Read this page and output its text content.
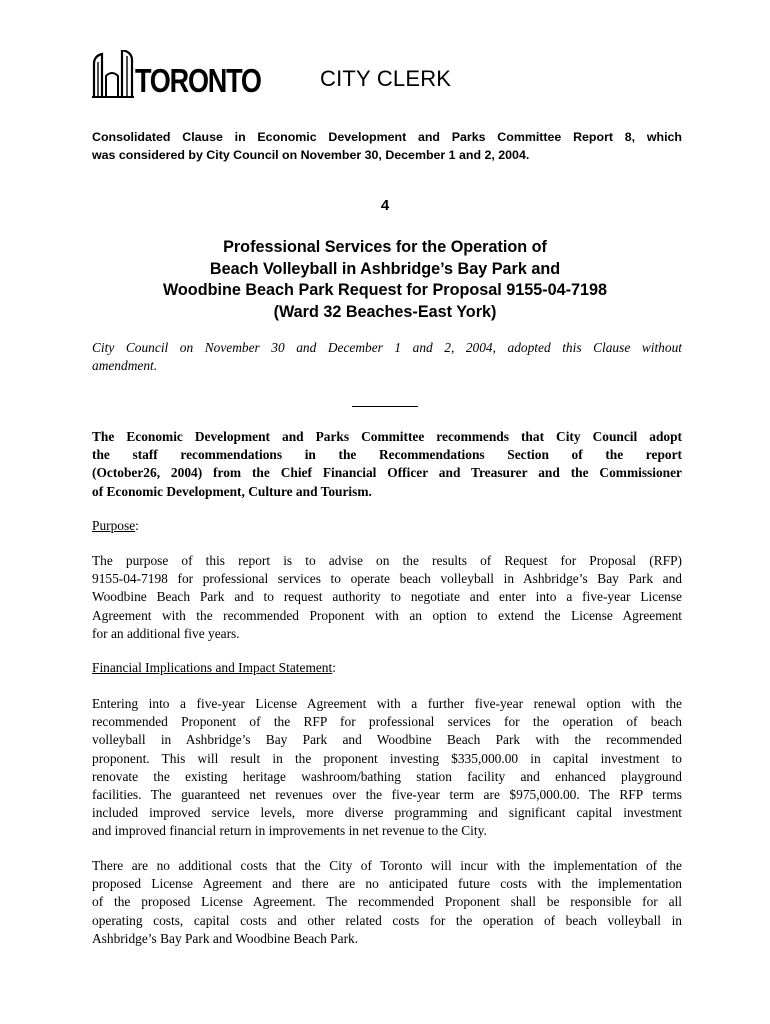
TORONTO	CITY CLERK

Consolidated Clause in Economic Development and Parks Committee Report 8, which

was considered by City Council on November 30, December 1 and 2, 2004.

4
Professional Services for the Operation of
Beach Volleyball in Ashbridge’s Bay Park and
Woodbine Beach Park Request for Proposal 9155-04-7198
(Ward 32 Beaches-East York)
City Council on November 30 and December 1 and 2, 2004, adopted this Clause without
amendment.
The Economic Development and Parks Committee recommends that City Council adopt
the staff recommendations in the Recommendations Section of the report
(October26, 2004) from the Chief Financial Officer and Treasurer and the Commissioner
of Economic Development, Culture and Tourism.
Purpose:
The purpose of this report is to advise on the results of Request for Proposal (RFP)
9155-04-7198 for professional services to operate beach volleyball in Ashbridge’s Bay Park and
Woodbine Beach Park and to request authority to negotiate and enter into a five-year License
Agreement with the recommended Proponent with an option to extend the License Agreement
for an additional five years.
Financial Implications and Impact Statement:
Entering into a five-year License Agreement with a further five-year renewal option with the
recommended Proponent of the RFP for professional services for the operation of beach
volleyball in Ashbridge’s Bay Park and Woodbine Beach Park with the recommended
proponent. This will result in the proponent investing $335,000.00 in capital investment to
renovate the existing heritage washroom/bathing station facility and enhanced playground
facilities. The guaranteed net revenues over the five-year term are $975,000.00. The RFP terms
included improved service levels, more diverse programming and significant capital investment
and improved financial return in improvements in net revenue to the City.
There are no additional costs that the City of Toronto will incur with the implementation of the
proposed License Agreement and there are no anticipated future costs with the implementation
of the proposed License Agreement. The recommended Proponent shall be responsible for all
operating costs, capital costs and other related costs for the operation of beach volleyball in
Ashbridge’s Bay Park and Woodbine Beach Park.
